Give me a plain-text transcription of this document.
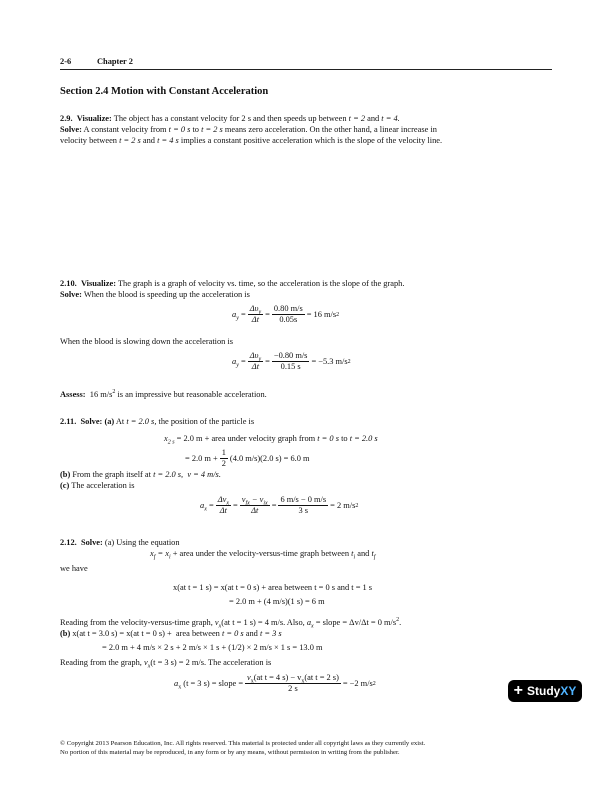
2-6	Chapter 2
Section 2.4 Motion with Constant Acceleration
2.9. Visualize: The object has a constant velocity for 2 s and then speeds up between t = 2 and t = 4.
Solve: A constant velocity from t = 0 s to t = 2 s means zero acceleration. On the other hand, a linear increase in
velocity between t = 2 s and t = 4 s implies a constant positive acceleration which is the slope of the velocity line.
2.10. Visualize: The graph is a graph of velocity vs. time, so the acceleration is the slope of the graph.
Solve: When the blood is speeding up the acceleration is
$a_y$
= $\frac{\Delta\upsilon_y}{\Delta t} = \frac{0.80 m/s}{0.05s} = 16$ m/s 2
When the blood is slowing down the acceleration is
$a_y$
= $\frac{\Delta\upsilon_y}{\Delta t} = \frac{-0.80 m/s}{0.15 s} = -5.3$ m/s 2
Assess: 16 $m/s^2$ is an impressive but reasonable acceleration.
2.11. Solve: (a) At t = 2.0 s, the position of the particle is
$x_{2 s} = 2.0$ m + area under velocity graph from t = 0 s to t = 2.0 s
= 2.0 $m + \frac{1}{2} (4.0$ m/s)(2.0 s) = 6.0 m
(b) From the graph itself at t = 2.0 s, v = 4 m/s.
(c) The acceleration is
$a_x$
= $\frac{\Delta v_x}{\Delta t} = \frac{v_{fx} - v_{ix}}{\Delta t} = \frac{6 m/s - 0 m/s}{3 s} = 2$ m/s 2
2.12. Solve: (a) Using the equation
$x_f = x_i$ + area under the velocity-versus-time graph between $t_i$ and $t_f$
we have
x(at t = 1 s) = x(at t = 0 s) + area between t = 0 s and t = 1 s
= 2.0 m + (4 m/s)(1 s) = 6 m
Reading from the velocity-versus-time graph, $v_x(at$ t = 1 s) = 4 m/s. Also, $a_x$ = slope = Δv/Δt = 0 $m/s^2$.
(b) x(at t = 3.0 s) = x(at t = 0 s) + area between t = 0 s and t = 3 s
= 2.0 m + 4 m/s × 2 s + 2 m/s × 1 s + (1/2) × 2 m/s × 1 s = 13.0 m
Reading from the graph, $v_x(t = 3$ s) = 2 m/s. The acceleration is
$a_x$ (t = 3 s) = slope = $\frac{v_x(at t = 4 s) - v_x(at t = 2 s)}{2 s} = -2$ m/s 2	+ Study XY
© Copyright 2013 Pearson Education, Inc. All rights reserved. This material is protected under all copyright laws as they currently exist.
No portion of this material may be reproduced, in any form or by any means, without permission in writing from the publisher.
